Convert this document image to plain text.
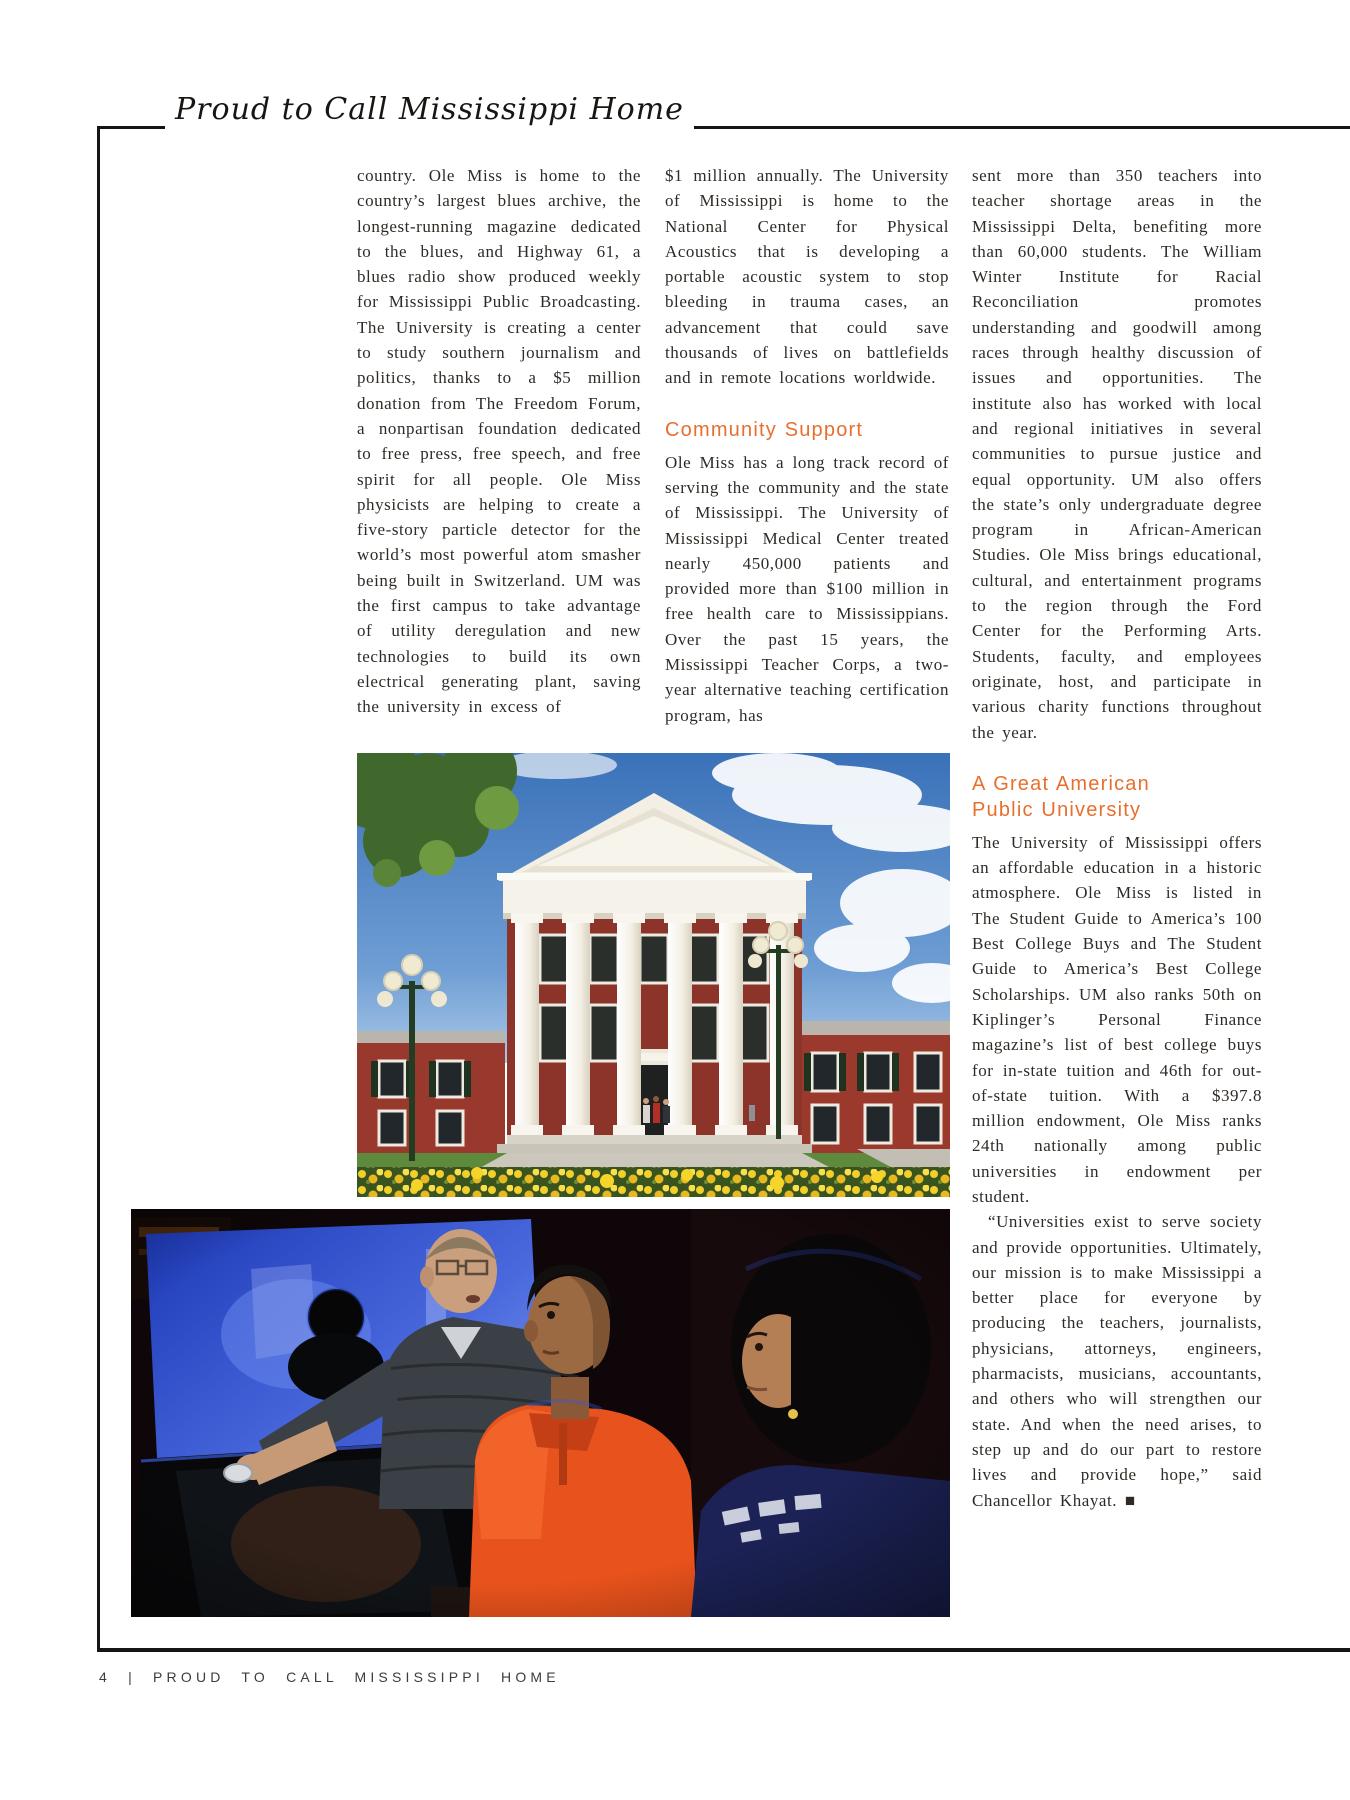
Proud to Call Mississippi Home

country. Ole Miss is home to the country’s largest blues archive, the longest-running magazine dedicated to the blues, and Highway 61, a blues radio show produced weekly for Mississippi Public Broadcasting. The University is creating a center to study southern journalism and politics, thanks to a $5 million donation from The Freedom Forum, a nonpartisan foundation dedicated to free press, free speech, and free spirit for all people. Ole Miss physicists are helping to create a five-story particle detector for the world’s most powerful atom smasher being built in Switzerland. UM was the first campus to take advantage of utility deregulation and new technologies to build its own electrical generating plant, saving the university in excess of

$1 million annually. The University of Mississippi is home to the National Center for Physical Acoustics that is developing a portable acoustic system to stop bleeding in trauma cases, an advancement that could save thousands of lives on battlefields and in remote locations worldwide.

Community Support

Ole Miss has a long track record of serving the community and the state of Mississippi. The University of Mississippi Medical Center treated nearly 450,000 patients and provided more than $100 million in free health care to Mississippians. Over the past 15 years, the Mississippi Teacher Corps, a two-year alternative teaching certification program, has

sent more than 350 teachers into teacher shortage areas in the Mississippi Delta, benefiting more than 60,000 students. The William Winter Institute for Racial Reconciliation promotes understanding and goodwill among races through healthy discussion of issues and opportunities. The institute also has worked with local and regional initiatives in several communities to pursue justice and equal opportunity. UM also offers the state’s only undergraduate degree program in African-American Studies. Ole Miss brings educational, cultural, and entertainment programs to the region through the Ford Center for the Performing Arts. Students, faculty, and employees originate, host, and participate in various charity functions throughout the year.

A Great American
Public University

The University of Mississippi offers an affordable education in a historic atmosphere. Ole Miss is listed in The Student Guide to America’s 100 Best College Buys and The Student Guide to America’s Best College Scholarships. UM also ranks 50th on Kiplinger’s Personal Finance magazine’s list of best college buys for in-state tuition and 46th for out-of-state tuition. With a $397.8 million endowment, Ole Miss ranks 24th nationally among public universities in endowment per student.

“Universities exist to serve society and provide opportunities. Ultimately, our mission is to make Mississippi a better place for everyone by producing the teachers, journalists, physicians, attorneys, engineers, pharmacists, musicians, accountants, and others who will strengthen our state. And when the need arises, to step up and do our part to restore lives and provide hope,” said Chancellor Khayat. ■

4 | PROUD TO CALL MISSISSIPPI HOME
